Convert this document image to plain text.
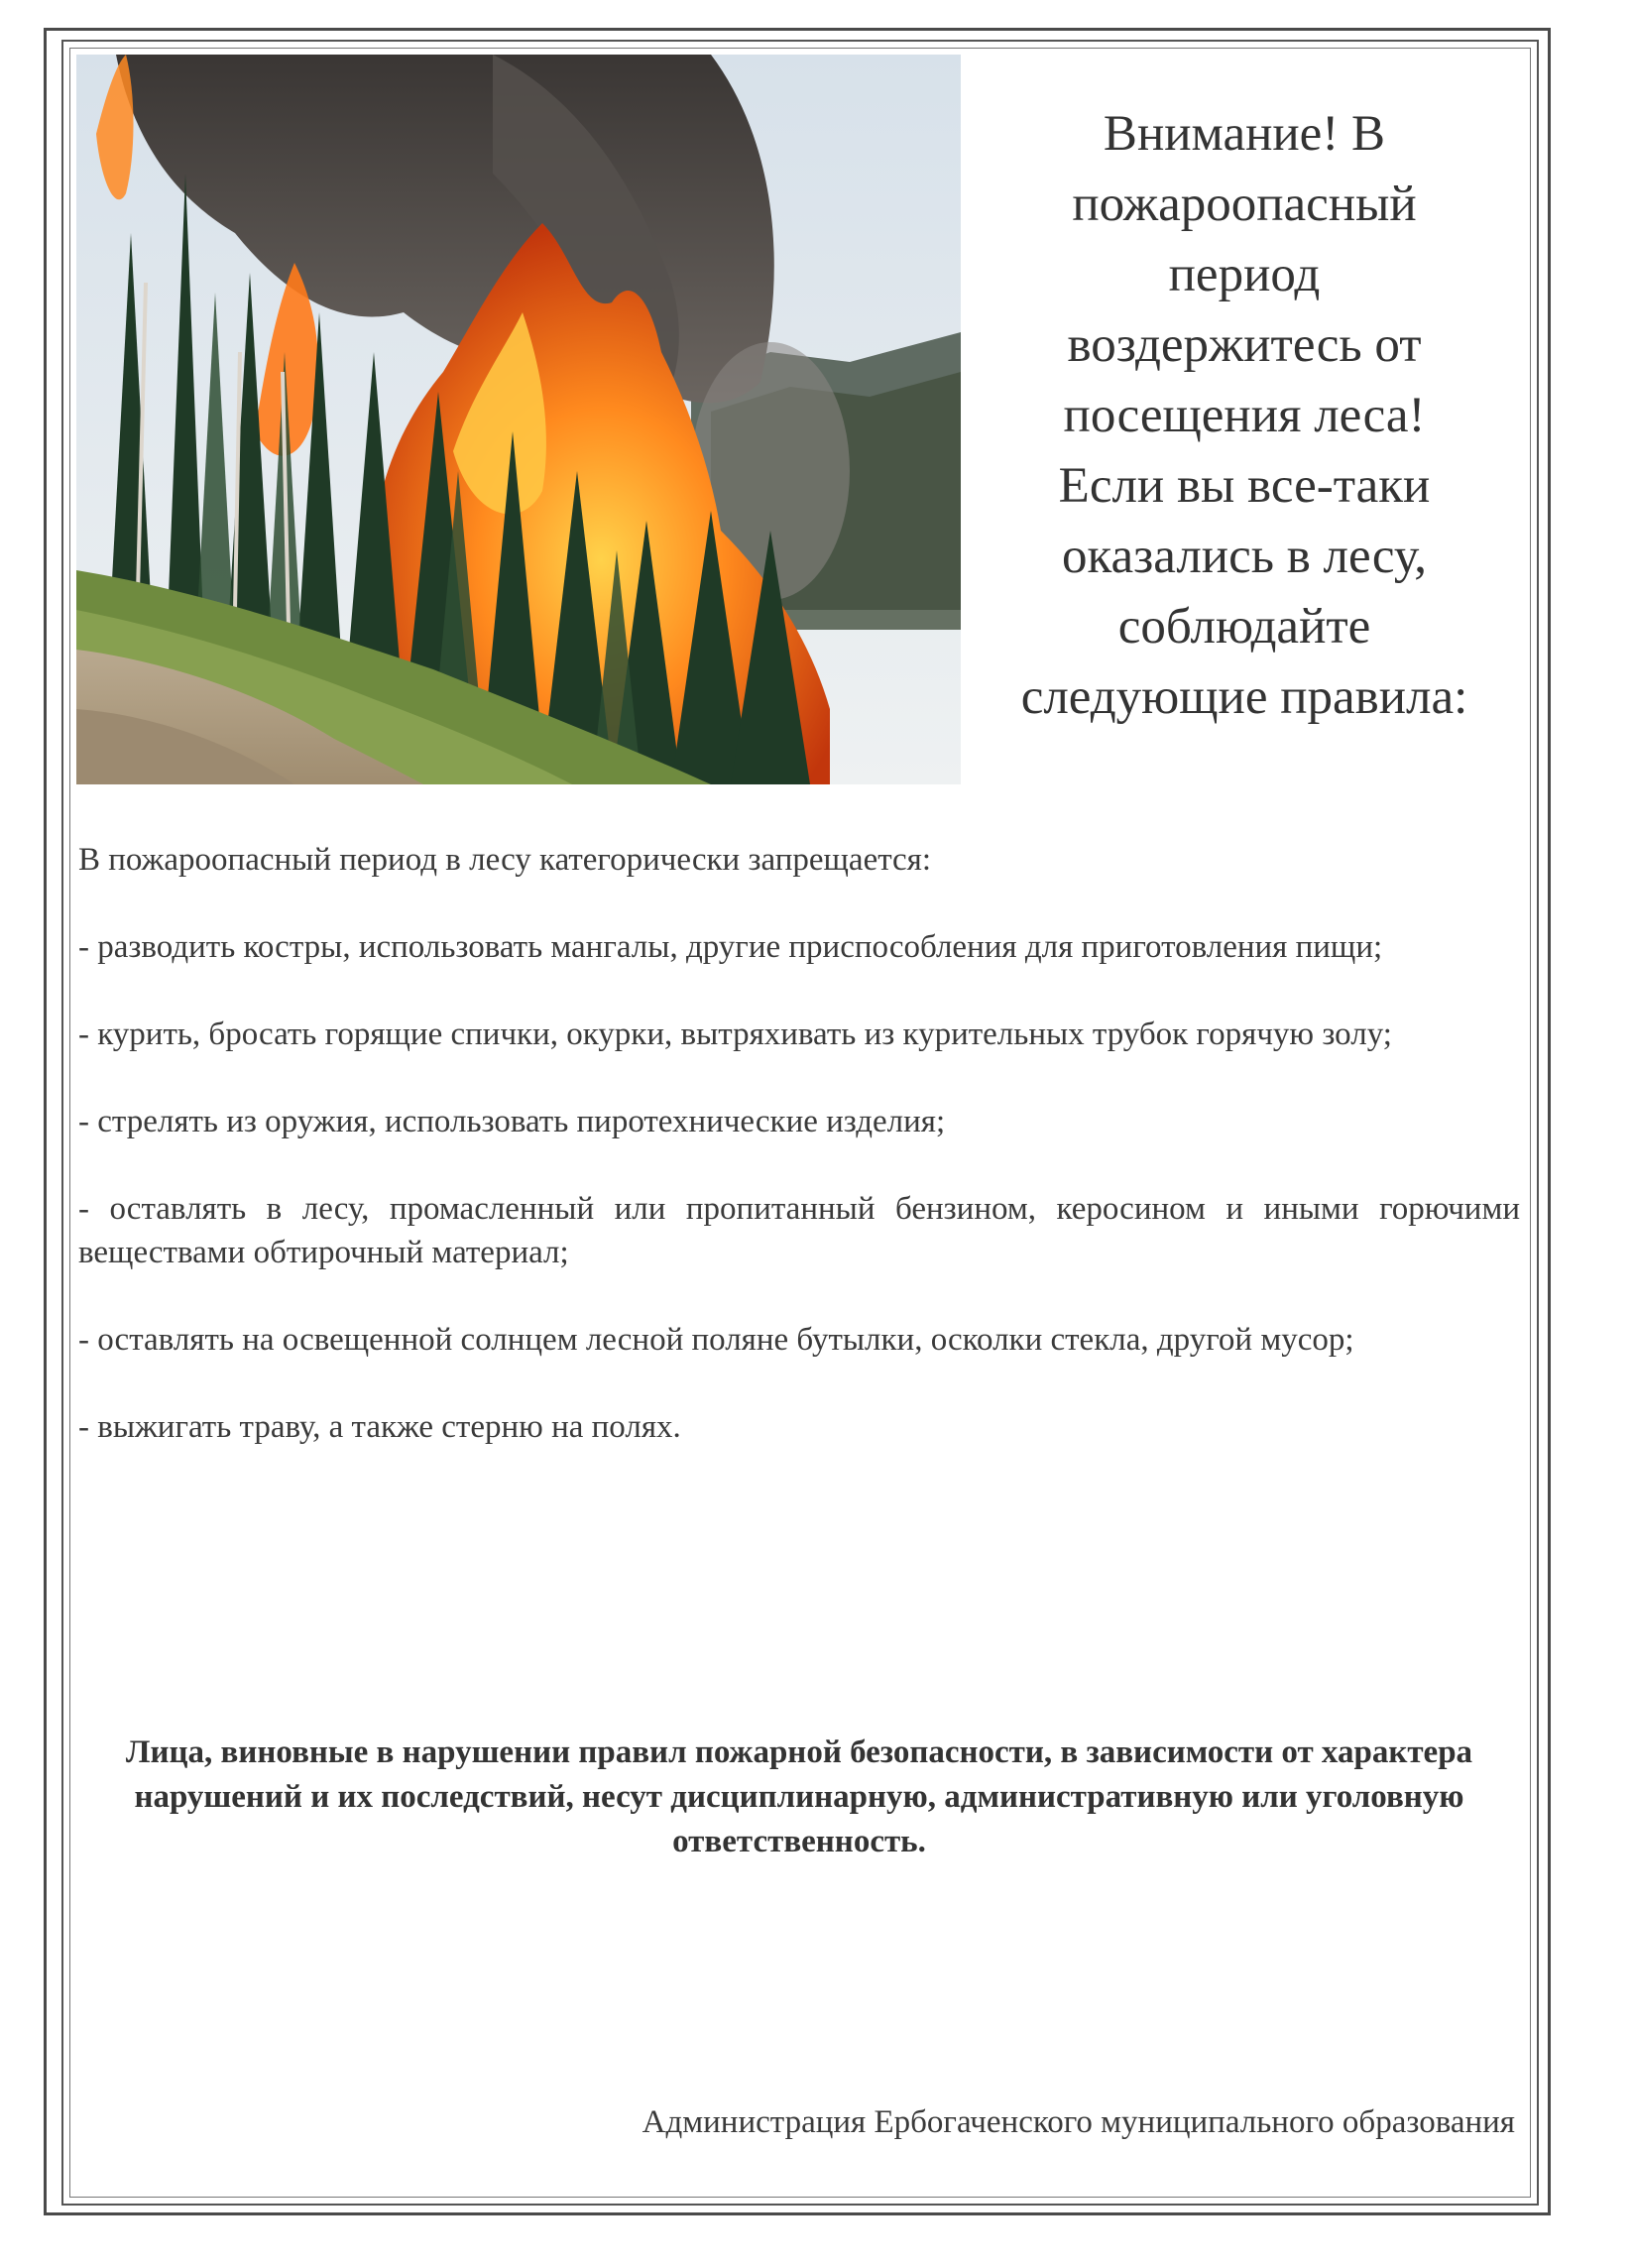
Внимание! В
пожароопасный
период
воздержитесь от
посещения леса!
Если вы все-таки
оказались в лесу,
соблюдайте
следующие правила:

В пожароопасный период в лесу категорически запрещается:

- разводить костры, использовать мангалы, другие приспособления для приготовления пищи;

- курить, бросать горящие спички, окурки, вытряхивать из курительных трубок горячую золу;

- стрелять из оружия, использовать пиротехнические изделия;

- оставлять в лесу, промасленный или пропитанный бензином, керосином и иными горючими веществами обтирочный материал;

- оставлять на освещенной солнцем лесной поляне бутылки, осколки стекла, другой мусор;

- выжигать траву, а также стерню на полях.

Лица, виновные в нарушении правил пожарной безопасности, в зависимости от характера нарушений и их последствий, несут дисциплинарную, административную или уголовную ответственность.

Администрация Ербогаченского муниципального образования
